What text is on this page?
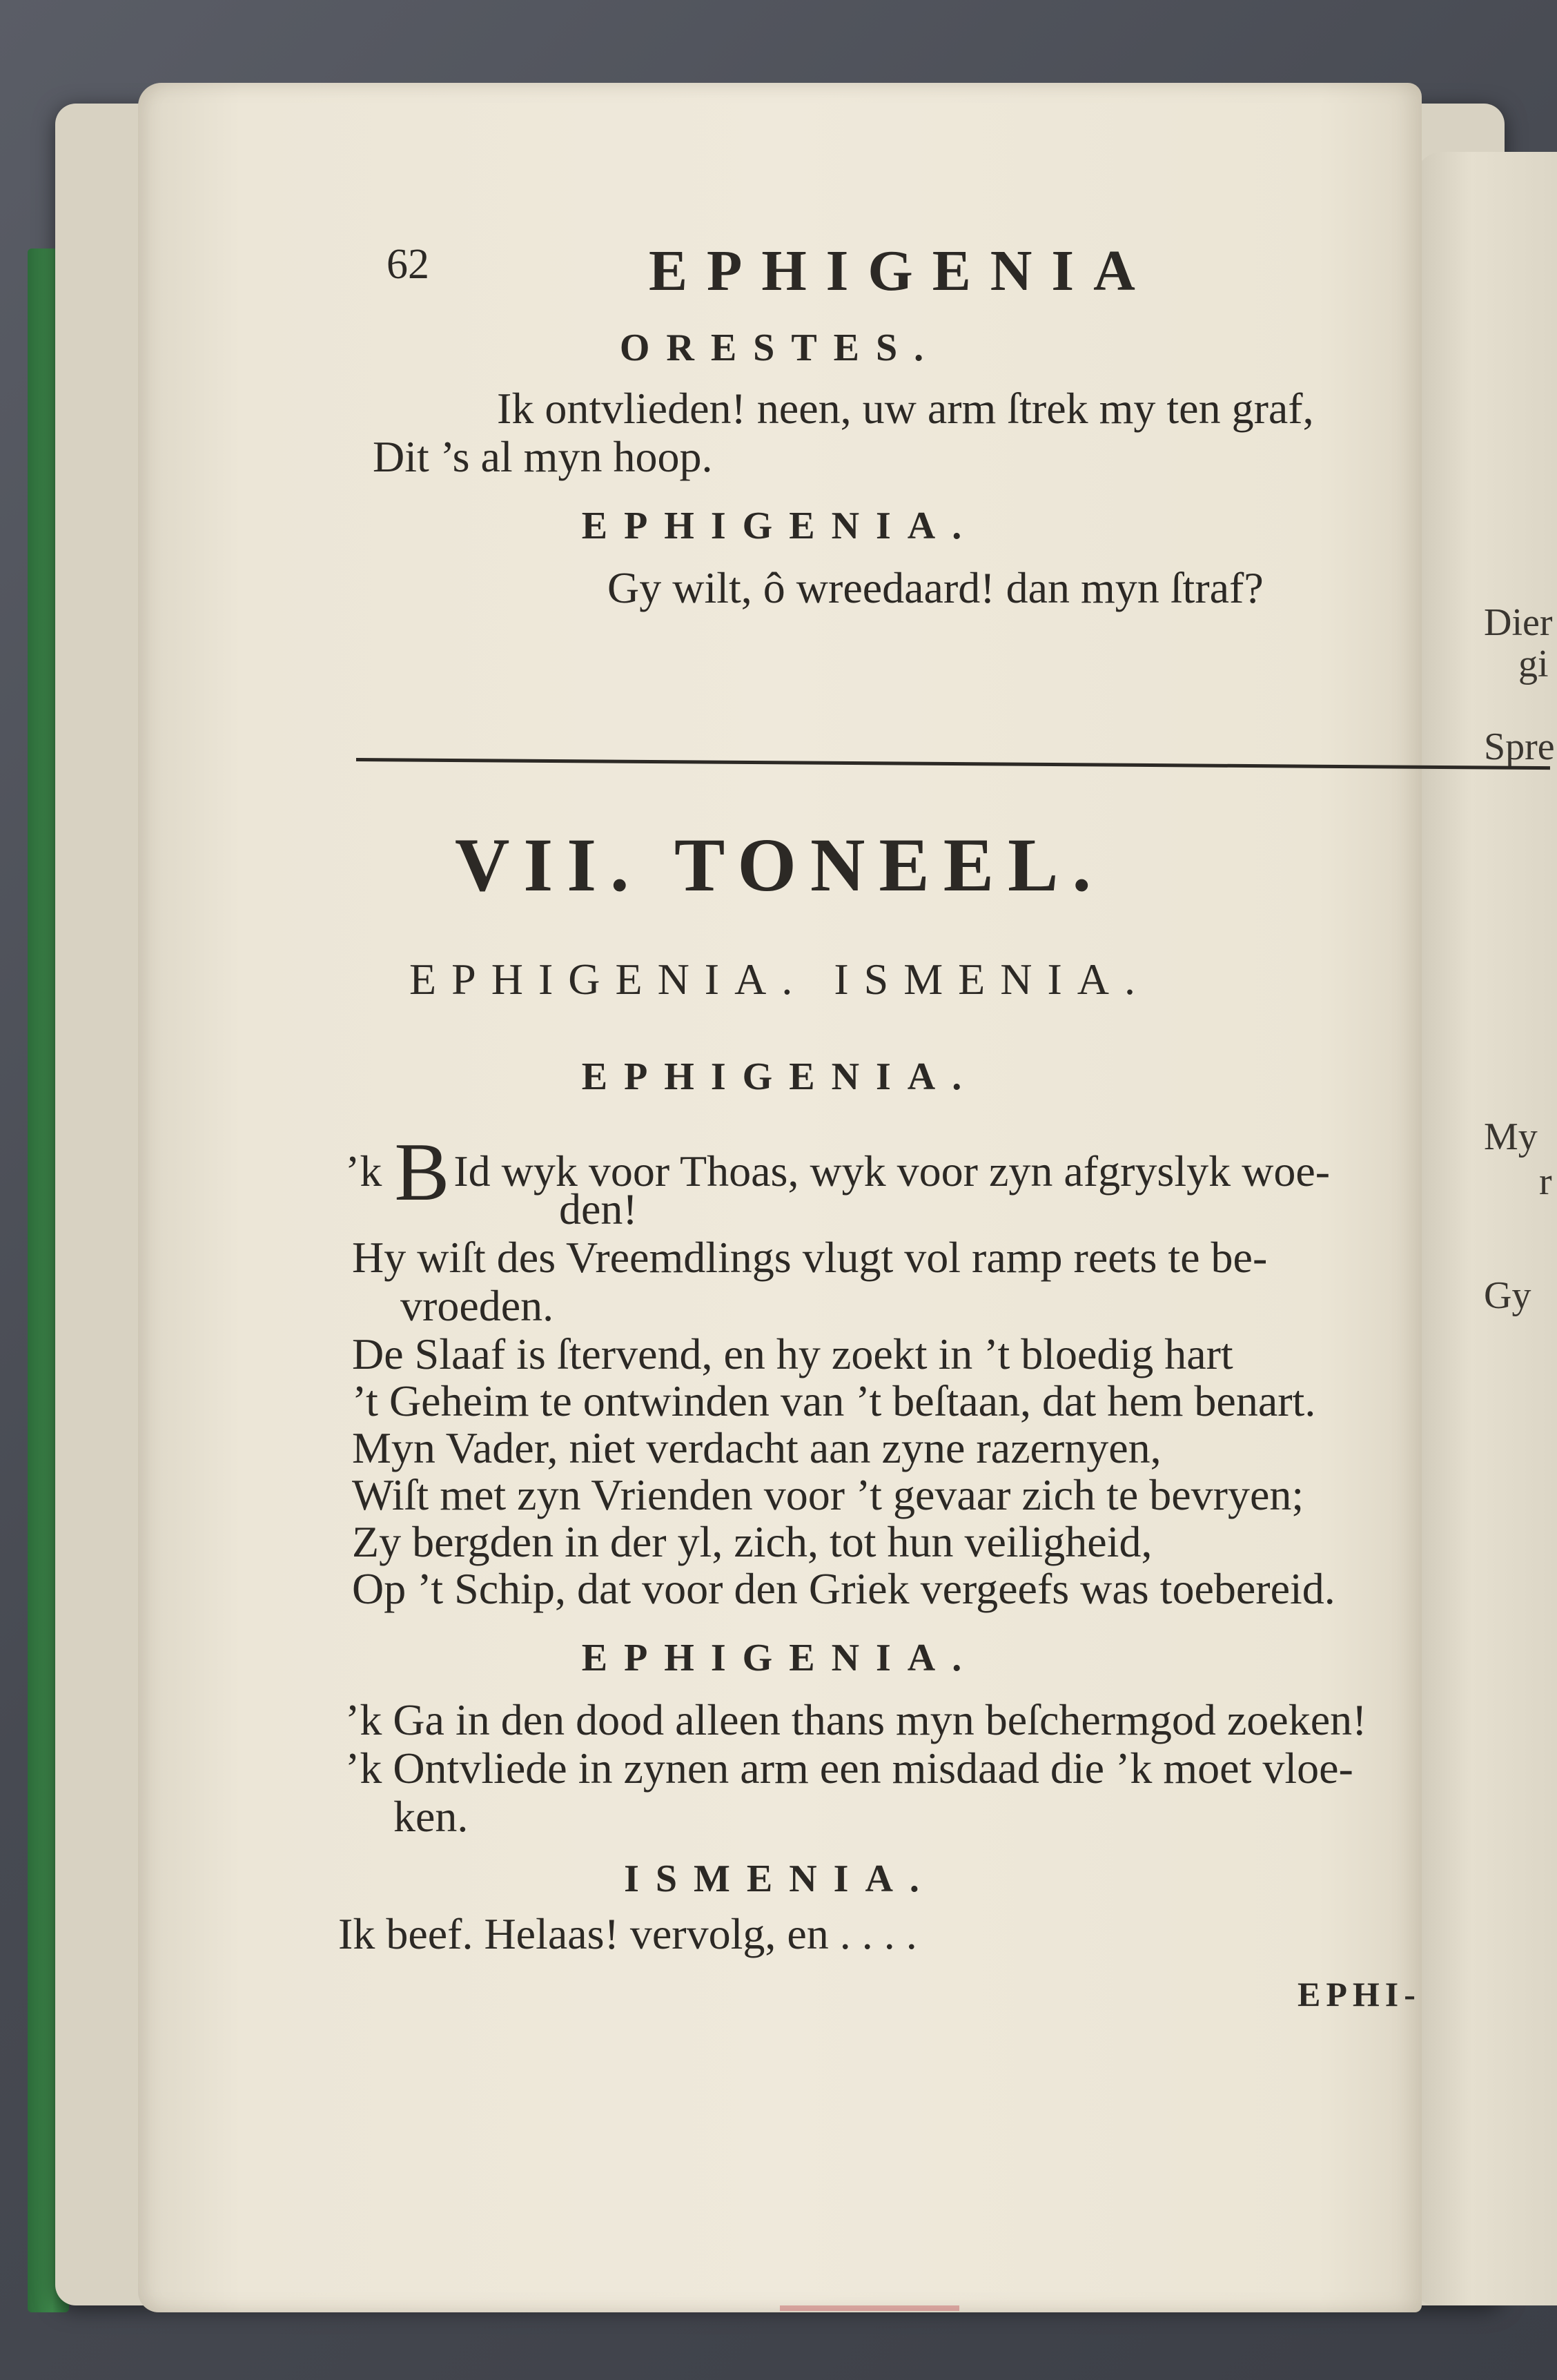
Dier
gi
Spre
My
r
Gy
62	EPHIGENIA
ORESTES.
Ik ontvlieden! neen, uw arm ſtrek my ten graf,
Dit ’s al myn hoop.
EPHIGENIA.
Gy wilt, ô wreedaard! dan myn ſtraf?
VII. TONEEL.
EPHIGENIA. ISMENIA.
EPHIGENIA.
’k BId wyk voor Thoas, wyk voor zyn afgryslyk woe-
den!
Hy wiſt des Vreemdlings vlugt vol ramp reets te be-
vroeden.
De Slaaf is ſtervend, en hy zoekt in ’t bloedig hart
’t Geheim te ontwinden van ’t beſtaan, dat hem benart.
Myn Vader, niet verdacht aan zyne razernyen,
Wiſt met zyn Vrienden voor ’t gevaar zich te bevryen;
Zy bergden in der yl, zich, tot hun veiligheid,
Op ’t Schip, dat voor den Griek vergeefs was toebereid.
EPHIGENIA.
’k Ga in den dood alleen thans myn beſchermgod zoeken!
’k Ontvliede in zynen arm een misdaad die ’k moet vloe-
ken.
ISMENIA.
Ik beef. Helaas! vervolg, en . . . .
EPHI-
